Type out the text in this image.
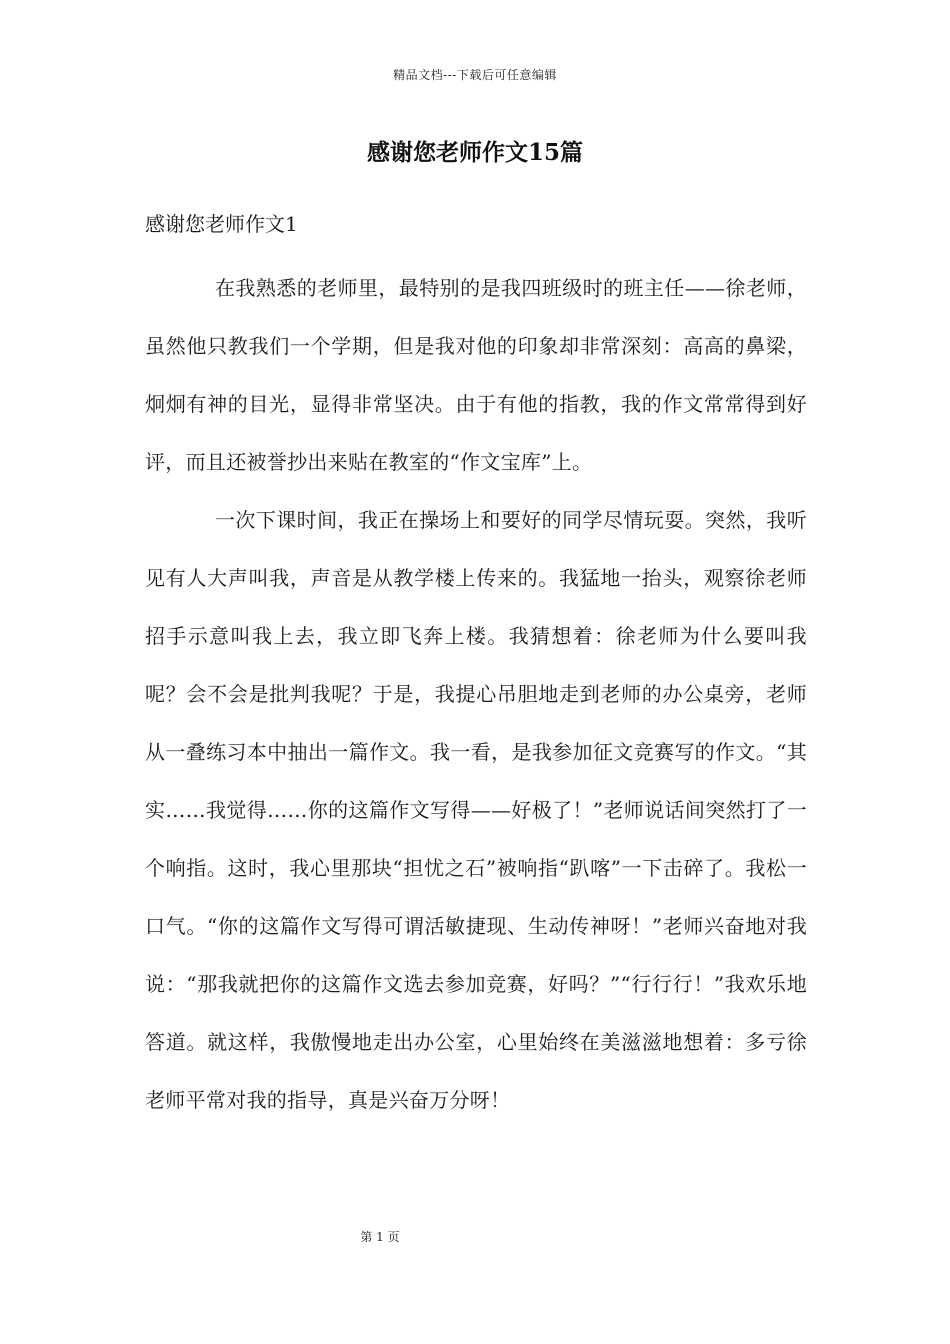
精品文档---下载后可任意编辑
感谢您老师作文15篇
感谢您老师作文1

在我熟悉的老师里，最特别的是我四班级时的班主任——徐老师，虽然他只教我们一个学期，但是我对他的印象却非常深刻：高高的鼻梁，炯炯有神的目光，显得非常坚决。由于有他的指教，我的作文常常得到好评，而且还被誉抄出来贴在教室的“作文宝库”上。

一次下课时间，我正在操场上和要好的同学尽情玩耍。突然，我听见有人大声叫我，声音是从教学楼上传来的。我猛地一抬头，观察徐老师招手示意叫我上去，我立即飞奔上楼。我猜想着：徐老师为什么要叫我呢？会不会是批判我呢？于是，我提心吊胆地走到老师的办公桌旁，老师从一叠练习本中抽出一篇作文。我一看，是我参加征文竞赛写的作文。“其实……我觉得……你的这篇作文写得——好极了！”老师说话间突然打了一个响指。这时，我心里那块“担忧之石”被响指“趴喀”一下击碎了。我松一口气。“你的这篇作文写得可谓活敏捷现、生动传神呀！”老师兴奋地对我说：“那我就把你的这篇作文选去参加竞赛，好吗？”“行行行！”我欢乐地答道。就这样，我傲慢地走出办公室，心里始终在美滋滋地想着：多亏徐老师平常对我的指导，真是兴奋万分呀！

第 1 页
